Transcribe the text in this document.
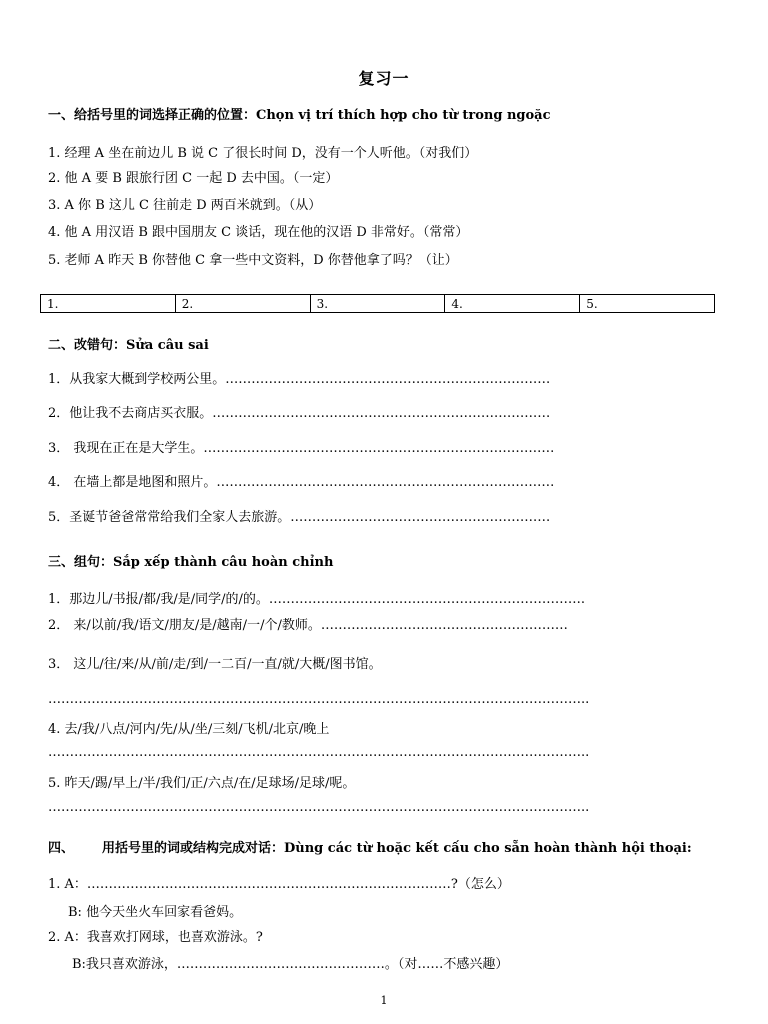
复习一
一、给括号里的词选择正确的位置：Chọn vị trí thích hợp cho từ trong ngoặc
1. 经理 A 坐在前边儿 B 说 C 了很长时间 D，没有一个人听他。（对我们）
2. 他 A 要 B 跟旅行团 C 一起 D 去中国。（一定）
3. A 你 B 这儿 C 往前走 D 两百米就到。（从）
4. 他 A 用汉语 B 跟中国朋友 C 谈话，现在他的汉语 D 非常好。（常常）
5. 老师 A 昨天 B 你替他 C 拿一些中文资料，D 你替他拿了吗？（让）
1.	2.	3.	4.	5.
二、改错句：Sửa câu sai
1．从我家大概到学校两公里。…………………………………………………………………
2．他让我不去商店买衣服。……………………………………………………………………
3． 我现在正在是大学生。………………………………………………………………………
4． 在墙上都是地图和照片。……………………………………………………………………
5．圣诞节爸爸常常给我们全家人去旅游。……………………………………………………
三、组句：Sắp xếp thành câu hoàn chỉnh
1．那边儿/书报/都/我/是/同学/的/的。……………………………………………………………….
2． 来/以前/我/语文/朋友/是/越南/一/个/教师。…………………………………………………
3． 这儿/往/来/从/前/走/到/一二百/一直/就/大概/图书馆。
……………………………………………………………………………………………………………..
4. 去/我/八点/河内/先/从/坐/三刻/飞机/北京/晚上
……………………………………………………………………………………………………………..
5. 昨天/踢/早上/半/我们/正/六点/在/足球场/足球/呢。
……………………………………………………………………………………………………………..
四、 用括号里的词或结构完成对话：Dùng các từ hoặc kết cấu cho sẵn hoàn thành hội thoại:
1. A：…………………………………………………………………………?（怎么）
B: 他今天坐火车回家看爸妈。
2. A：我喜欢打网球，也喜欢游泳。?
B:我只喜欢游泳，…………………………………………。（对……不感兴趣）
1
